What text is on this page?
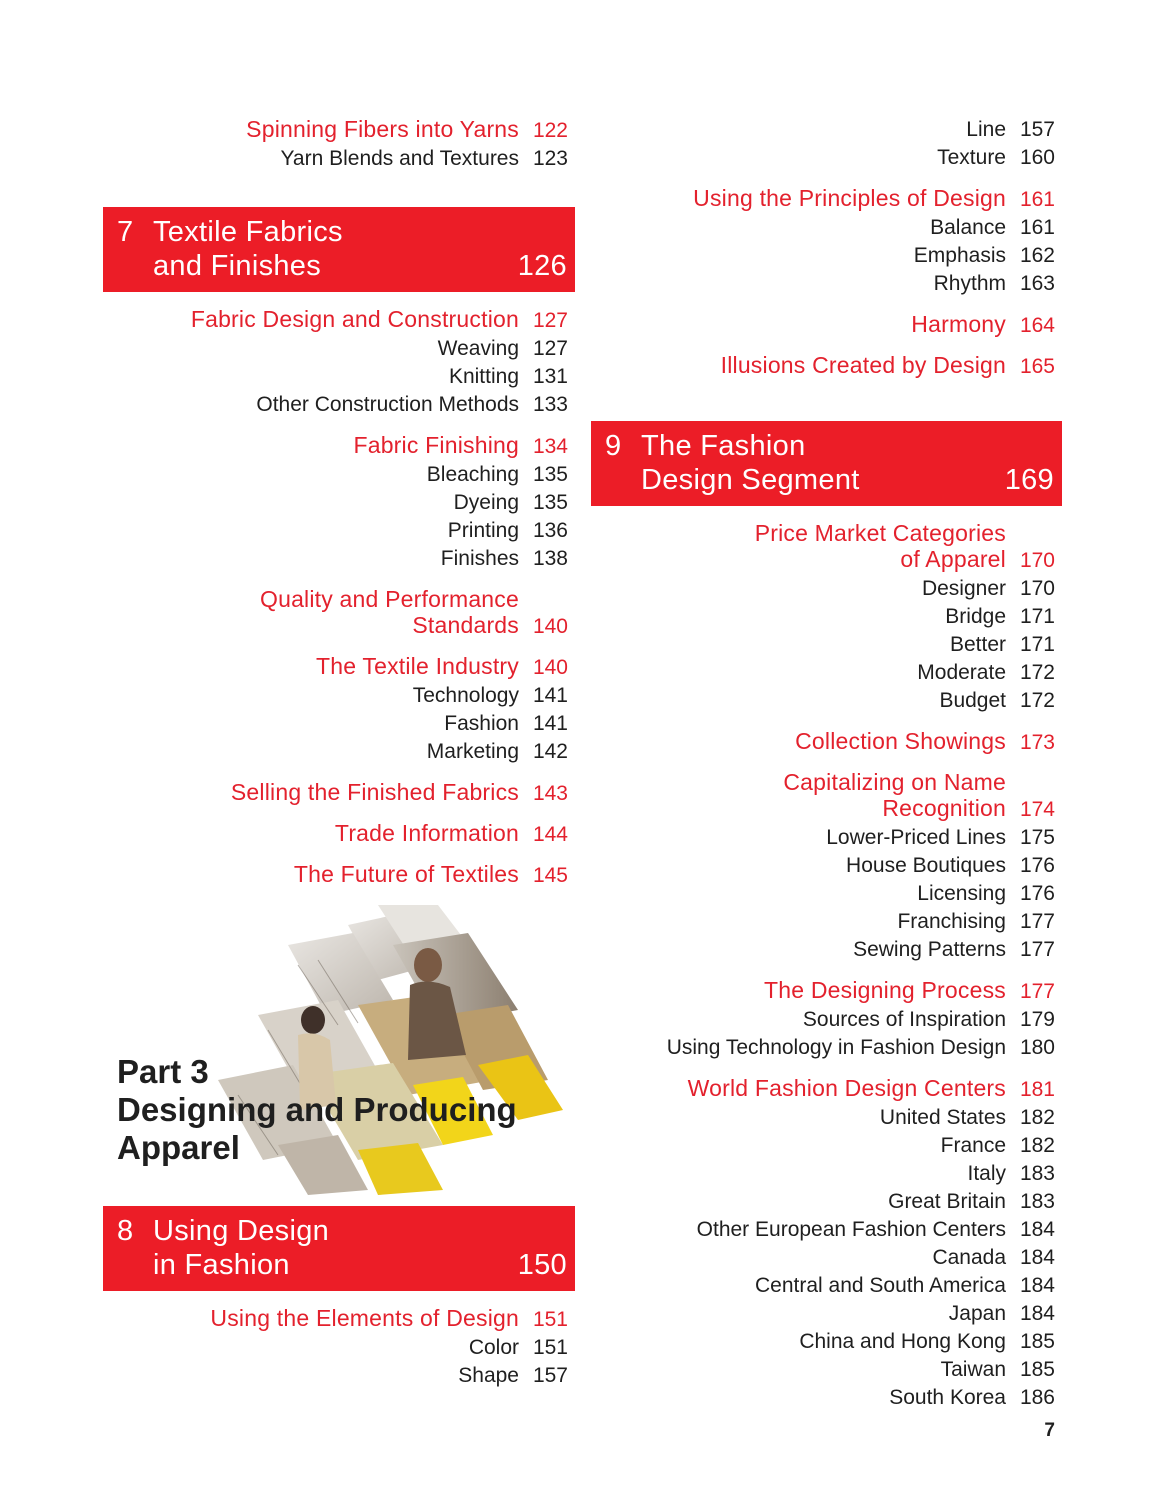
Spinning Fibers into Yarns 122
Yarn Blends and Textures 123
7 Textile Fabrics
and Finishes	126
Fabric Design and Construction 127
Weaving 127
Knitting 131
Other Construction Methods 133
Fabric Finishing 134
Bleaching 135
Dyeing 135
Printing 136
Finishes 138
Quality and Performance
Standards 140
The Textile Industry 140
Technology 141
Fashion 141
Marketing 142
Selling the Finished Fabrics 143
Trade Information 144
The Future of Textiles 145
Part 3
Designing and Producing
Apparel
8 Using Design
in Fashion	150
Using the Elements of Design 151
Color 151
Shape 157
Line 157
Texture 160
Using the Principles of Design 161
Balance 161
Emphasis 162
Rhythm 163
Harmony 164
Illusions Created by Design 165
9 The Fashion
Design Segment	169
Price Market Categories
of Apparel 170
Designer 170
Bridge 171
Better 171
Moderate 172
Budget 172
Collection Showings 173
Capitalizing on Name
Recognition 174
Lower-Priced Lines 175
House Boutiques 176
Licensing 176
Franchising 177
Sewing Patterns 177
The Designing Process 177
Sources of Inspiration 179
Using Technology in Fashion Design 180
World Fashion Design Centers 181
United States 182
France 182
Italy 183
Great Britain 183
Other European Fashion Centers 184
Canada 184
Central and South America 184
Japan 184
China and Hong Kong 185
Taiwan 185
South Korea 186
7
